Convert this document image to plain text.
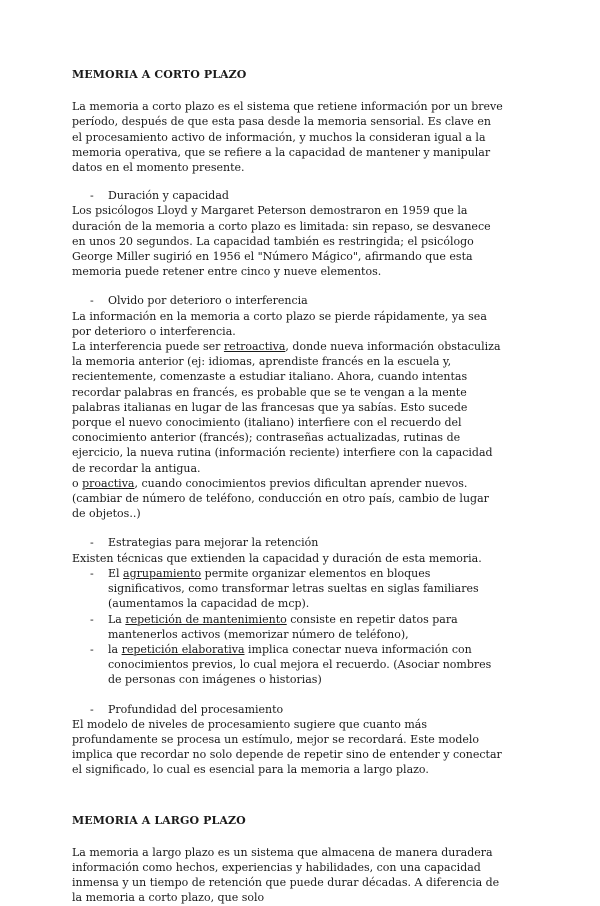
MEMORIA A CORTO PLAZO

La memoria a corto plazo es el sistema que retiene información por un breve período, después de que esta pasa desde la memoria sensorial. Es clave en el procesamiento activo de información, y muchos la consideran igual a la memoria operativa, que se refiere a la capacidad de mantener y manipular datos en el momento presente.

- Duración y capacidad

Los psicólogos Lloyd y Margaret Peterson demostraron en 1959 que la duración de la memoria a corto plazo es limitada: sin repaso, se desvanece en unos 20 segundos. La capacidad también es restringida; el psicólogo George Miller sugirió en 1956 el "Número Mágico", afirmando que esta memoria puede retener entre cinco y nueve elementos.

- Olvido por deterioro o interferencia

La información en la memoria a corto plazo se pierde rápidamente, ya sea por deterioro o interferencia.

La interferencia puede ser retroactiva, donde nueva información obstaculiza la memoria anterior (ej: idiomas, aprendiste francés en la escuela y, recientemente, comenzaste a estudiar italiano. Ahora, cuando intentas recordar palabras en francés, es probable que se te vengan a la mente palabras italianas en lugar de las francesas que ya sabías. Esto sucede porque el nuevo conocimiento (italiano) interfiere con el recuerdo del conocimiento anterior (francés); contraseñas actualizadas, rutinas de ejercicio, la nueva rutina (información reciente) interfiere con la capacidad de recordar la antigua.

o proactiva, cuando conocimientos previos dificultan aprender nuevos. (cambiar de número de teléfono, conducción en otro país, cambio de lugar de objetos..)

- Estrategias para mejorar la retención

Existen técnicas que extienden la capacidad y duración de esta memoria.

- El agrupamiento permite organizar elementos en bloques significativos, como transformar letras sueltas en siglas familiares (aumentamos la capacidad de mcp).
- La repetición de mantenimiento consiste en repetir datos para mantenerlos activos (memorizar número de teléfono),
- la repetición elaborativa implica conectar nueva información con conocimientos previos, lo cual mejora el recuerdo. (Asociar nombres de personas con imágenes o historias)
- Profundidad del procesamiento

El modelo de niveles de procesamiento sugiere que cuanto más profundamente se procesa un estímulo, mejor se recordará. Este modelo implica que recordar no solo depende de repetir sino de entender y conectar el significado, lo cual es esencial para la memoria a largo plazo.

MEMORIA A LARGO PLAZO

La memoria a largo plazo es un sistema que almacena de manera duradera información como hechos, experiencias y habilidades, con una capacidad inmensa y un tiempo de retención que puede durar décadas. A diferencia de la memoria a corto plazo, que solo
